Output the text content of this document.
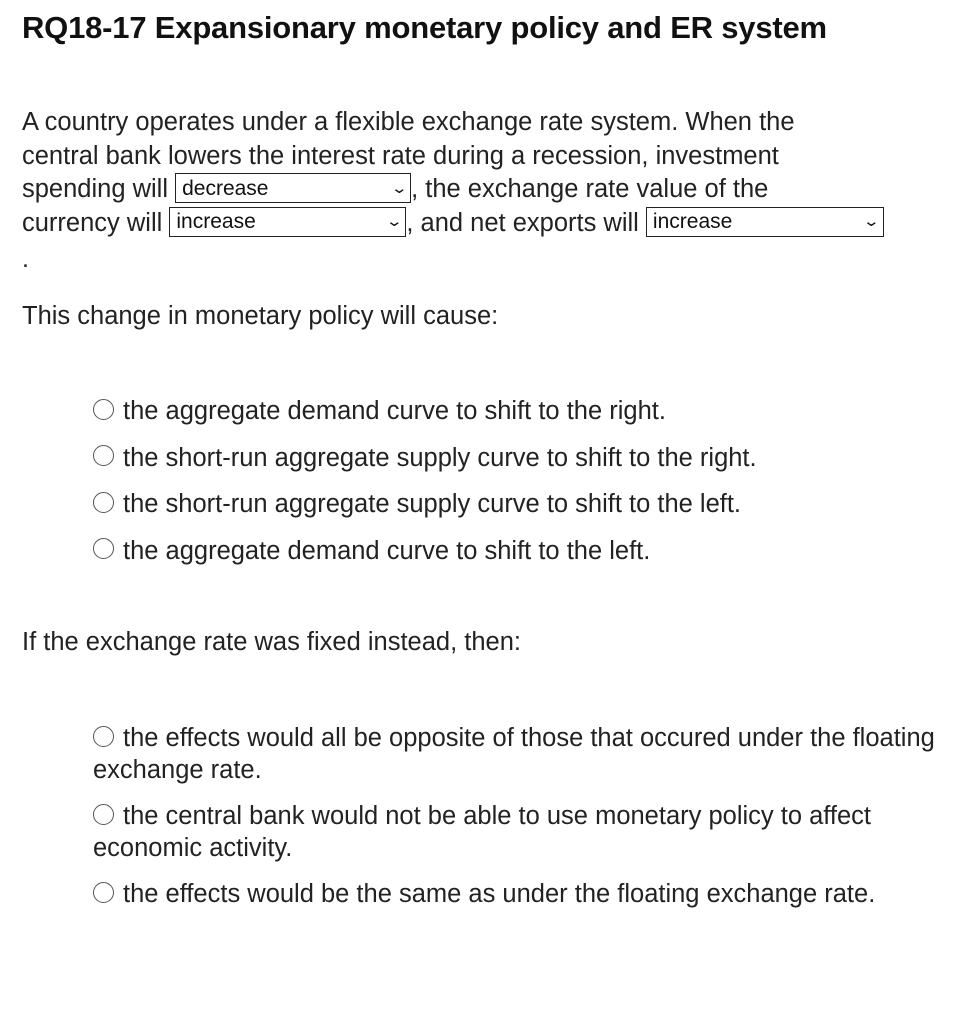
RQ18-17 Expansionary monetary policy and ER system
A country operates under a flexible exchange rate system. When the
central bank lowers the interest rate during a recession, investment
spending will decrease	⌄ , the exchange rate value of the
currency will increase	⌄ , and net exports will increase	⌄
.
This change in monetary policy will cause:
the aggregate demand curve to shift to the right.
the short-run aggregate supply curve to shift to the right.
the short-run aggregate supply curve to shift to the left.
the aggregate demand curve to shift to the left.
If the exchange rate was fixed instead, then:
the effects would all be opposite of those that occured under the floating exchange rate.
the central bank would not be able to use monetary policy to affect economic activity.
the effects would be the same as under the floating exchange rate.
